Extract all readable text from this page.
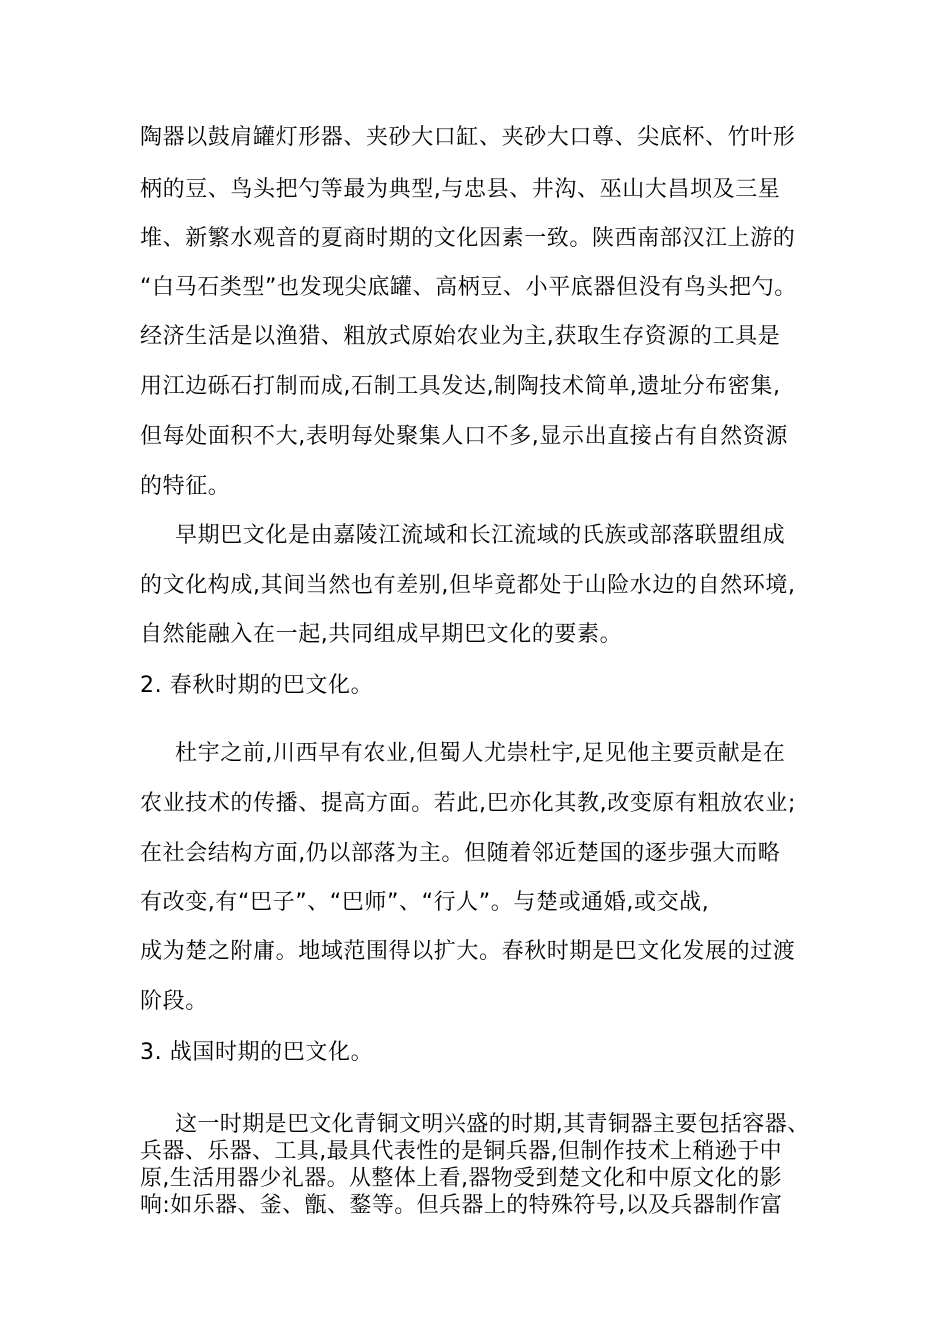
陶器以鼓肩罐灯形器、夹砂大口缸、夹砂大口尊、尖底杯、竹叶形
柄的豆、鸟头把勺等最为典型,与忠县、井沟、巫山大昌坝及三星
堆、新繁水观音的夏商时期的文化因素一致。陕西南部汉江上游的
“白马石类型”也发现尖底罐、高柄豆、小平底器但没有鸟头把勺。
经济生活是以渔猎、粗放式原始农业为主,获取生存资源的工具是
用江边砾石打制而成,石制工具发达,制陶技术简单,遗址分布密集,
但每处面积不大,表明每处聚集人口不多,显示出直接占有自然资源
的特征。
早期巴文化是由嘉陵江流域和长江流域的氏族或部落联盟组成
的文化构成,其间当然也有差别,但毕竟都处于山险水边的自然环境,
自然能融入在一起,共同组成早期巴文化的要素。
2. 春秋时期的巴文化。
杜宇之前,川西早有农业,但蜀人尤崇杜宇,足见他主要贡献是在
农业技术的传播、提高方面。若此,巴亦化其教,改变原有粗放农业;
在社会结构方面,仍以部落为主。但随着邻近楚国的逐步强大而略
有改变,有“巴子”、“巴师”、“行人”。与楚或通婚,或交战,
成为楚之附庸。地域范围得以扩大。春秋时期是巴文化发展的过渡
阶段。
3. 战国时期的巴文化。
这一时期是巴文化青铜文明兴盛的时期,其青铜器主要包括容器、
兵器、乐器、工具,最具代表性的是铜兵器,但制作技术上稍逊于中
原,生活用器少礼器。从整体上看,器物受到楚文化和中原文化的影
响:如乐器、釜、甑、鍪等。但兵器上的特殊符号,以及兵器制作富
